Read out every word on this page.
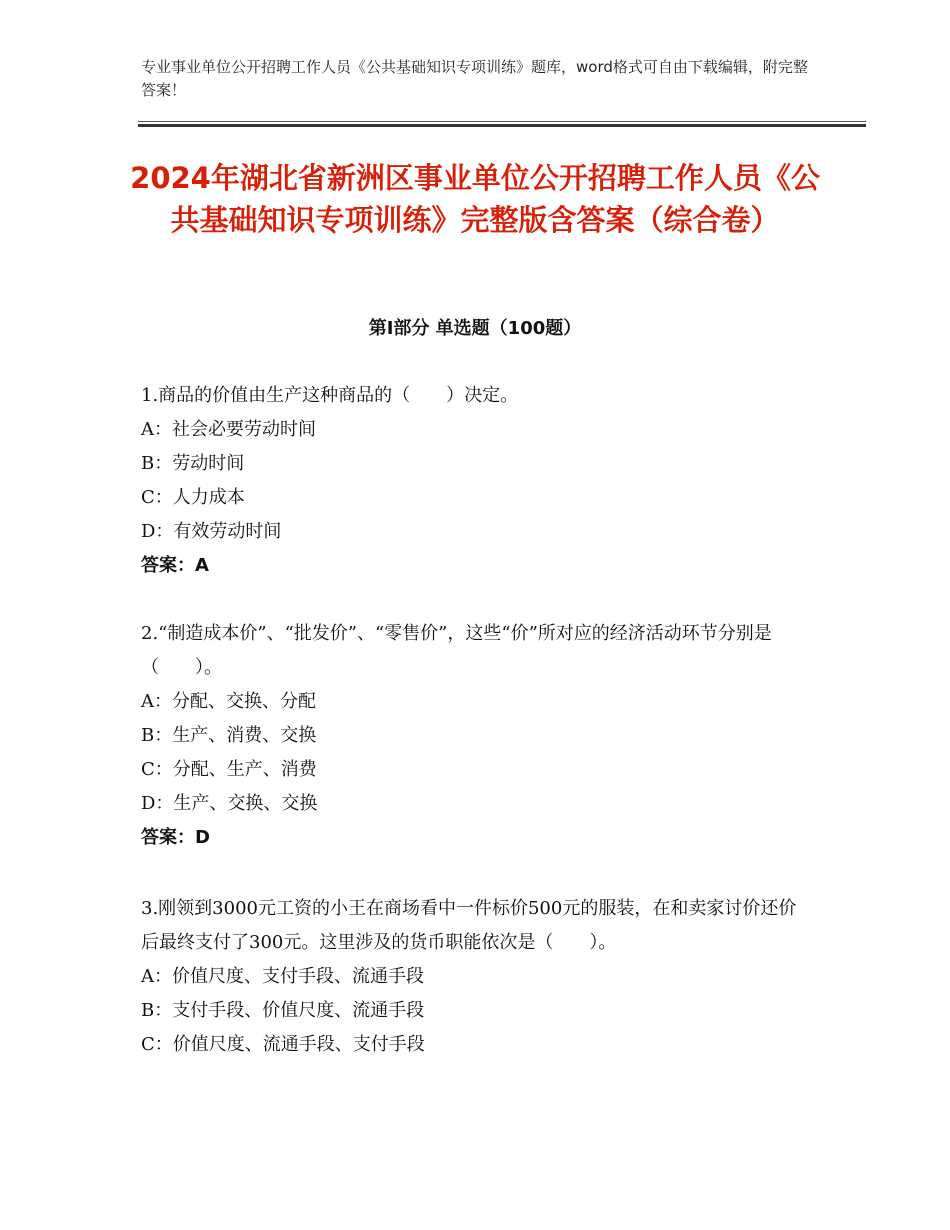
专业事业单位公开招聘工作人员《公共基础知识专项训练》题库，word格式可自由下载编辑，附完整答案！
2024年湖北省新洲区事业单位公开招聘工作人员《公共基础知识专项训练》完整版含答案（综合卷）
第Ⅰ部分 单选题（100题）
1.商品的价值由生产这种商品的（　　）决定。
A：社会必要劳动时间
B：劳动时间
C：人力成本
D：有效劳动时间
答案：A
2.“制造成本价”、“批发价”、“零售价”，这些“价”所对应的经济活动环节分别是（　　）。
A：分配、交换、分配
B：生产、消费、交换
C：分配、生产、消费
D：生产、交换、交换
答案：D
3.刚领到3000元工资的小王在商场看中一件标价500元的服装，在和卖家讨价还价后最终支付了300元。这里涉及的货币职能依次是（　　）。
A：价值尺度、支付手段、流通手段
B：支付手段、价值尺度、流通手段
C：价值尺度、流通手段、支付手段
